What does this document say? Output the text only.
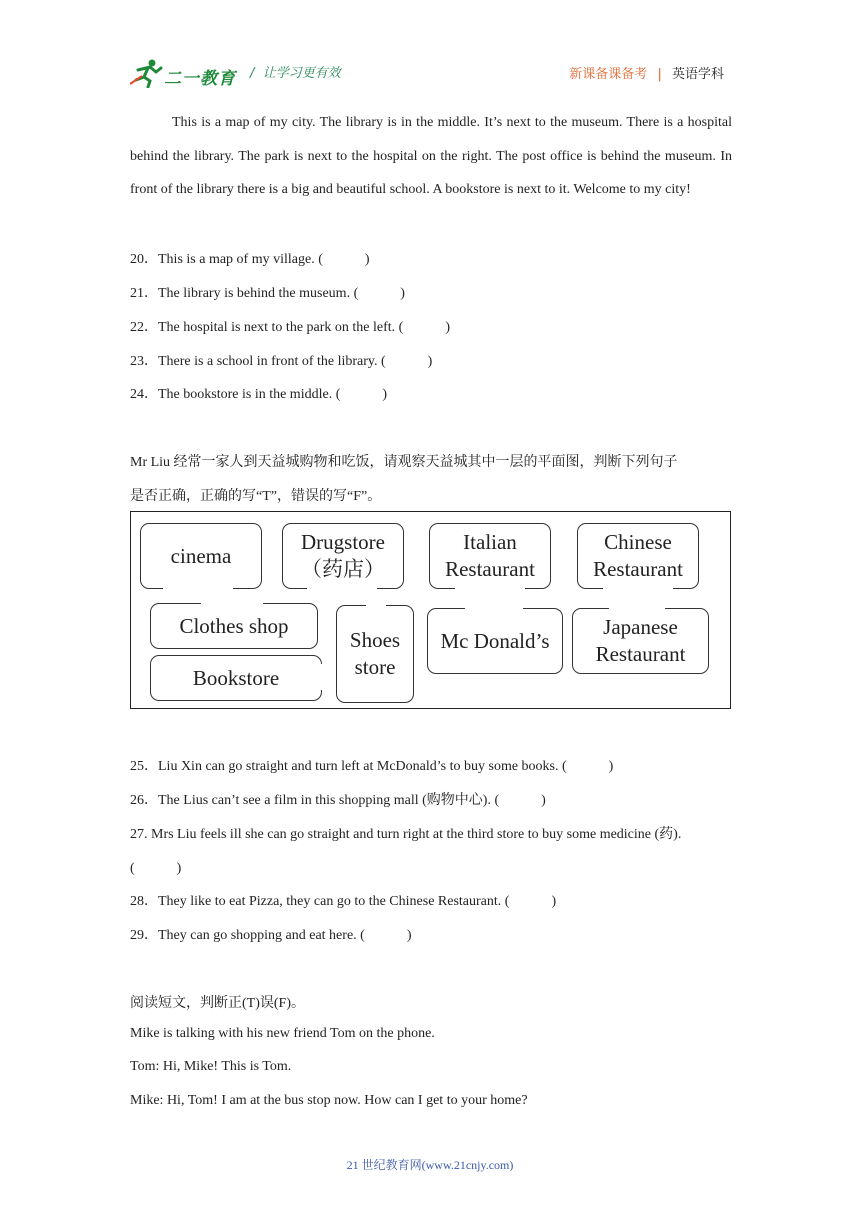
二一教育 /  让学习更有效	新课备课备考 | 英语学科
This is a map of my city. The library is in the middle. It’s next to the museum. There is a hospital behind the library. The park is next to the hospital on the right. The post office is behind the museum. In front of the library there is a big and beautiful school. A bookstore is next to it. Welcome to my city!
20．This is a map of my village. (　　　)
21．The library is behind the museum. (　　　)
22．The hospital is next to the park on the left. (　　　)
23．There is a school in front of the library. (　　　)
24．The bookstore is in the middle. (　　　)
Mr Liu 经常一家人到天益城购物和吃饭，请观察天益城其中一层的平面图，判断下列句子
是否正确，正确的写“T”，错误的写“F”。
cinema
Drugstore
（药店）
Italian
Restaurant
Chinese
Restaurant
Clothes shop
Bookstore
Shoes
store
Mc Donald’s
Japanese
Restaurant
25．Liu Xin can go straight and turn left at McDonald’s to buy some books. (　　　)
26．The Lius can’t see a film in this shopping mall (购物中心). (　　　)
27. Mrs Liu feels ill she can go straight and turn right at the third store to buy some medicine (药).
(　　　)
28．They like to eat Pizza, they can go to the Chinese Restaurant. (　　　)
29．They can go shopping and eat here. (　　　)
阅读短文，判断正(T)误(F)。
Mike is talking with his new friend Tom on the phone.
Tom: Hi, Mike! This is Tom.
Mike: Hi, Tom! I am at the bus stop now. How can I get to your home?
21 世纪教育网(www.21cnjy.com)
